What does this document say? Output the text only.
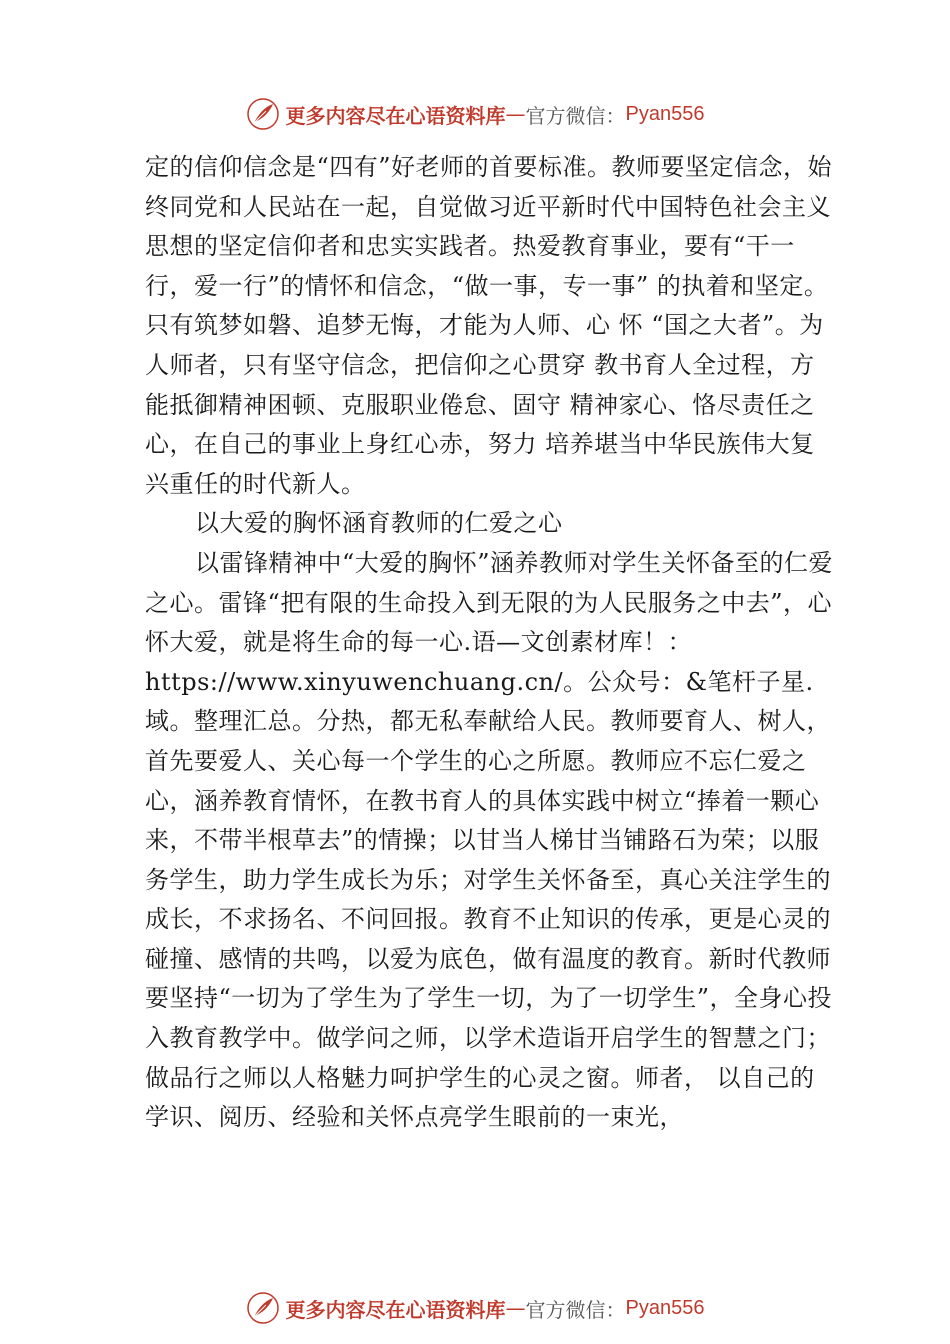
更多内容尽在心语资料库 — 官方微信： Pyan556

定的信仰信念是“四有”好老师的首要标准。教师要坚定信念，始终同党和人民站在一起，自觉做习近平新时代中国特色社会主义思想的坚定信仰者和忠实实践者。热爱教育事业，要有“干一行，爱一行”的情怀和信念，“做一事，专一事” 的执着和坚定。只有筑梦如磐、追梦无悔，才能为人师、心 怀 “国之大者”。为人师者，只有坚守信念，把信仰之心贯穿 教书育人全过程，方能抵御精神困顿、克服职业倦怠、固守 精神家心、恪尽责任之心，在自己的事业上身红心赤，努力 培养堪当中华民族伟大复兴重任的时代新人。

以大爱的胸怀涵育教师的仁爱之心

以雷锋精神中“大爱的胸怀”涵养教师对学生关怀备至的仁爱之心。雷锋“把有限的生命投入到无限的为人民服务之中去”，心怀大爱，就是将生命的每一心.语—文创素材库！：https://www.xinyuwenchuang.cn/。公众号：&笔杆子星.域。整理汇总。分热，都无私奉献给人民。教师要育人、树人，首先要爱人、关心每一个学生的心之所愿。教师应不忘仁爱之心，涵养教育情怀，在教书育人的具体实践中树立“捧着一颗心来，不带半根草去”的情操；以甘当人梯甘当铺路石为荣；以服务学生，助力学生成长为乐；对学生关怀备至，真心关注学生的成长，不求扬名、不问回报。教育不止知识的传承，更是心灵的碰撞、感情的共鸣，以爱为底色，做有温度的教育。新时代教师要坚持“一切为了学生为了学生一切，为了一切学生”，全身心投入教育教学中。做学问之师，以学术造诣开启学生的智慧之门；做品行之师以人格魅力呵护学生的心灵之窗。师者， 以自己的学识、阅历、经验和关怀点亮学生眼前的一束光，

更多内容尽在心语资料库 — 官方微信： Pyan556
